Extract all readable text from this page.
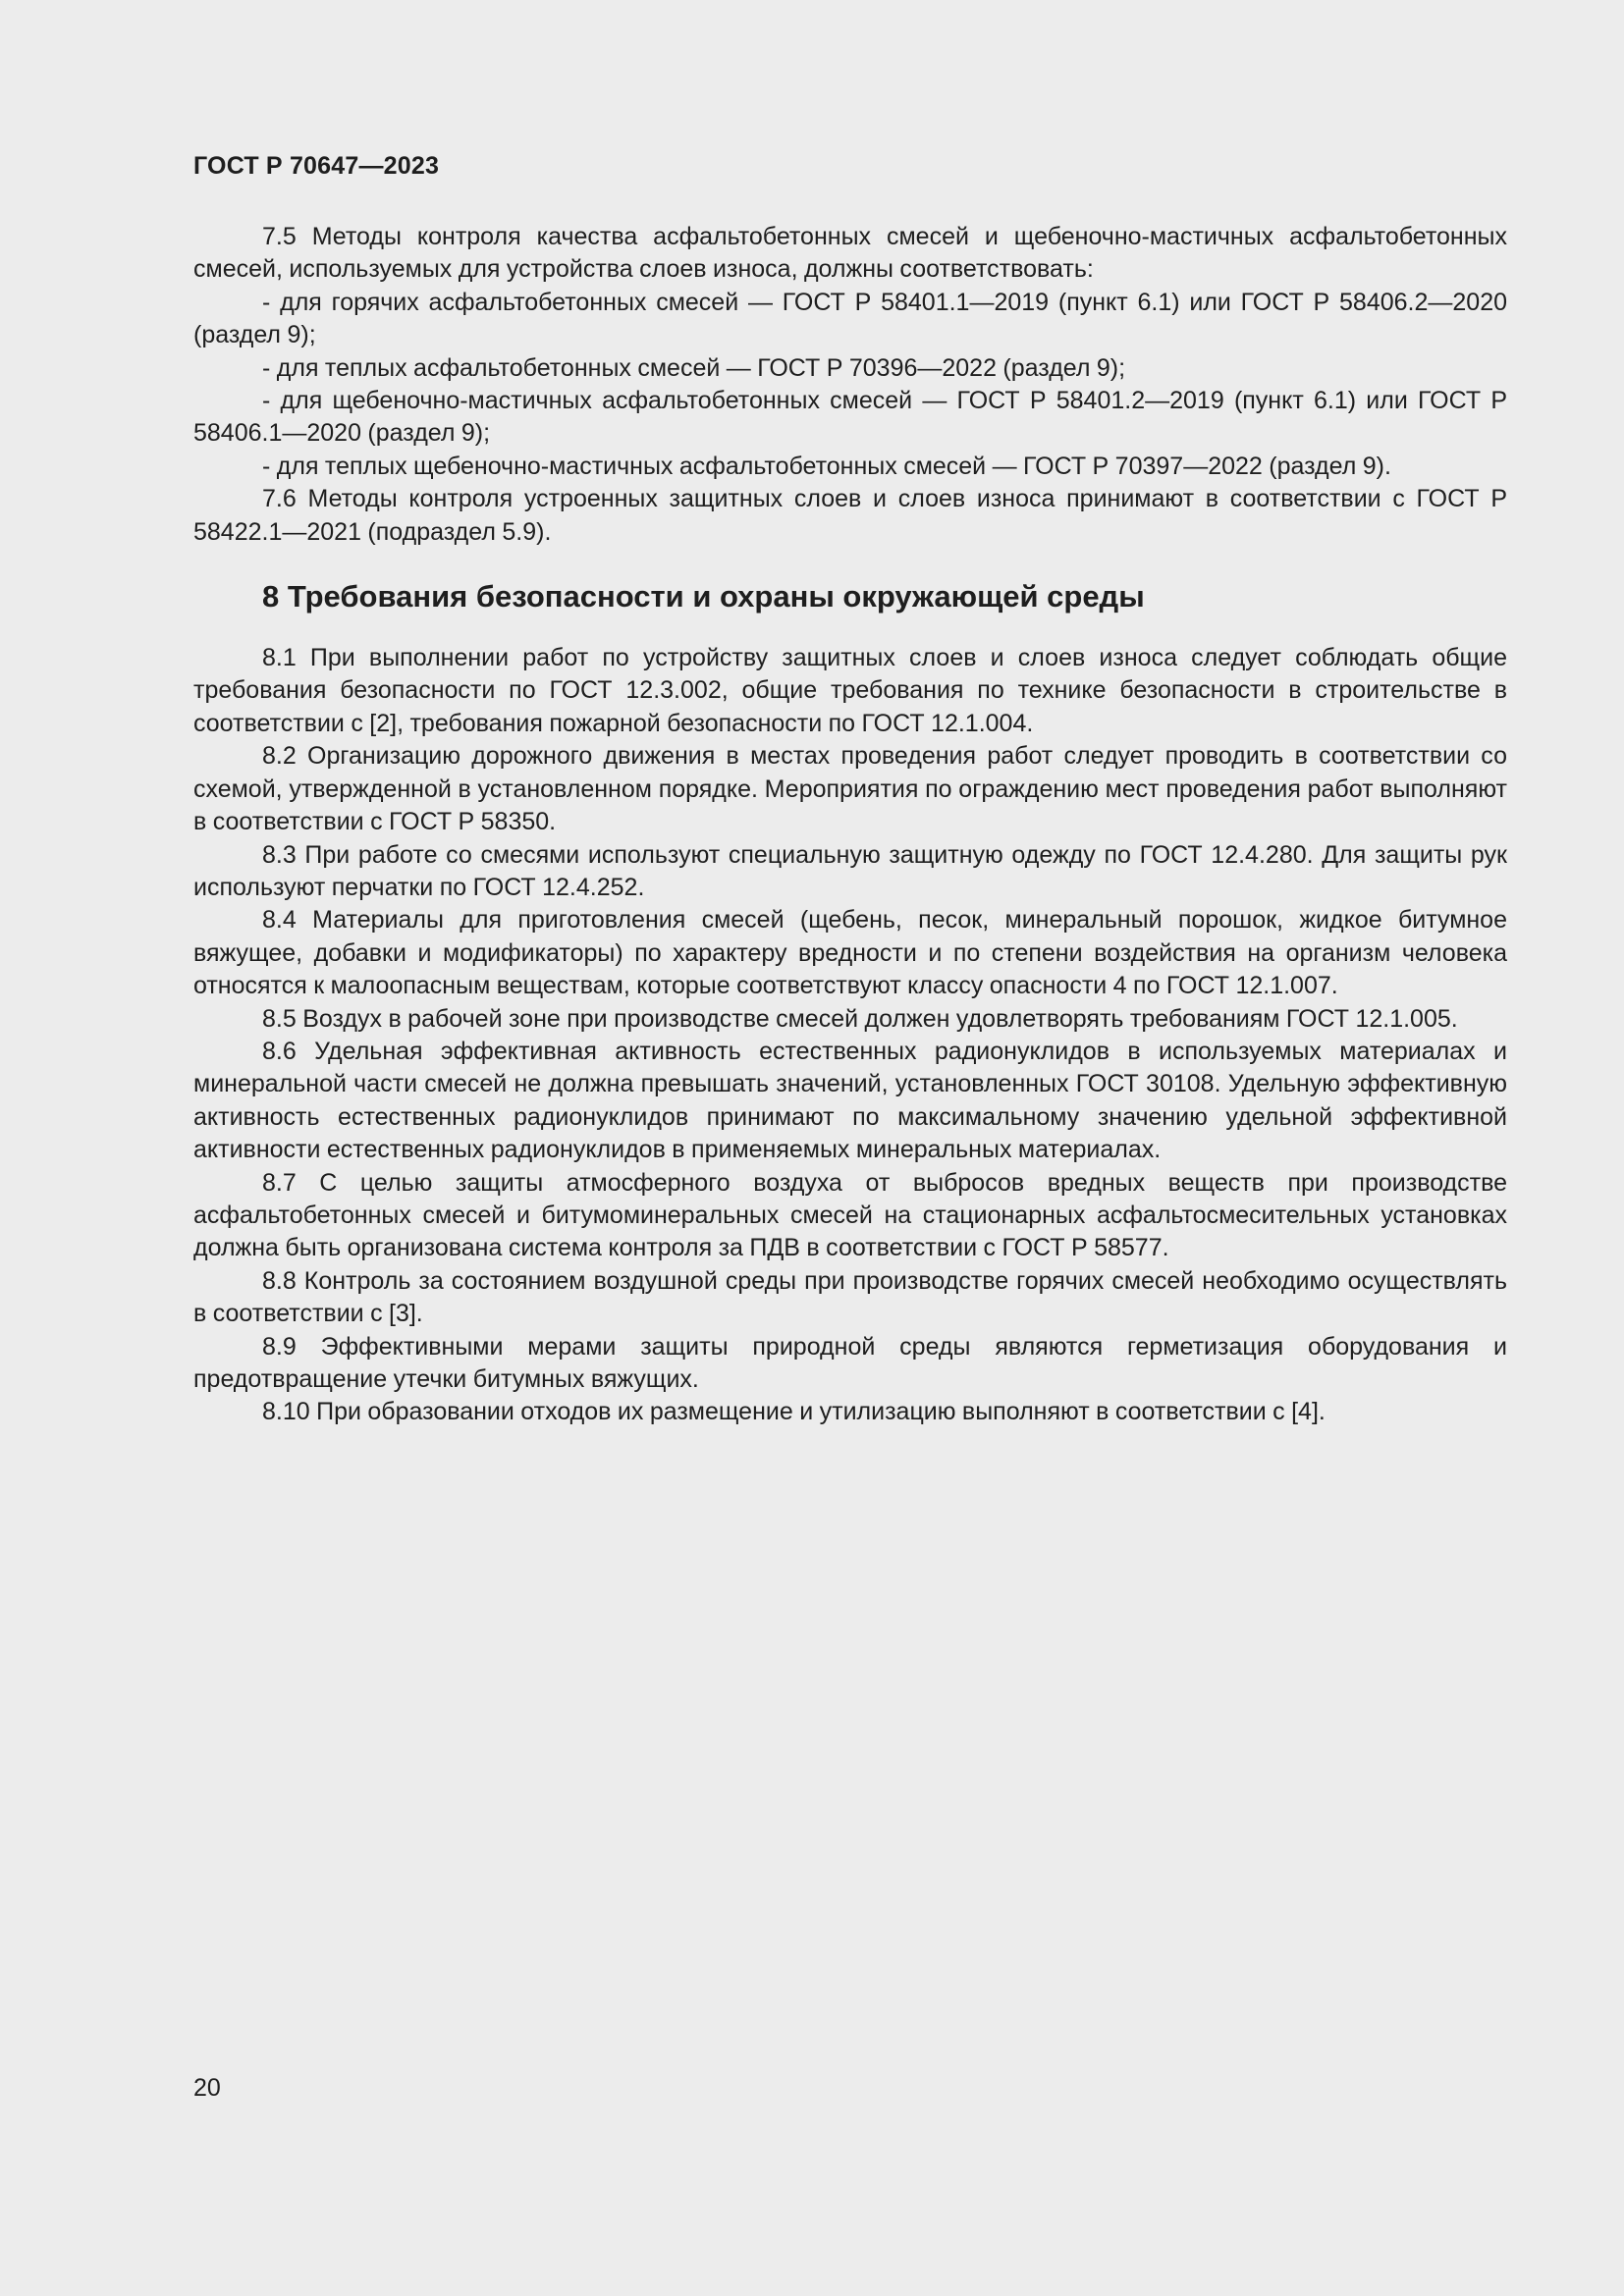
ГОСТ Р 70647—2023

7.5 Методы контроля качества асфальтобетонных смесей и щебеночно-мастичных асфальтобетонных смесей, используемых для устройства слоев износа, должны соответствовать:

- для горячих асфальтобетонных смесей — ГОСТ Р 58401.1—2019 (пункт 6.1) или ГОСТ Р 58406.2—2020 (раздел 9);

- для теплых асфальтобетонных смесей — ГОСТ Р 70396—2022 (раздел 9);

- для щебеночно-мастичных асфальтобетонных смесей — ГОСТ Р 58401.2—2019 (пункт 6.1) или ГОСТ Р 58406.1—2020 (раздел 9);

- для теплых щебеночно-мастичных асфальтобетонных смесей — ГОСТ Р 70397—2022 (раздел 9).

7.6 Методы контроля устроенных защитных слоев и слоев износа принимают в соответствии с ГОСТ Р 58422.1—2021 (подраздел 5.9).

8 Требования безопасности и охраны окружающей среды

8.1 При выполнении работ по устройству защитных слоев и слоев износа следует соблюдать общие требования безопасности по ГОСТ 12.3.002, общие требования по технике безопасности в строительстве в соответствии с [2], требования пожарной безопасности по ГОСТ 12.1.004.

8.2 Организацию дорожного движения в местах проведения работ следует проводить в соответствии со схемой, утвержденной в установленном порядке. Мероприятия по ограждению мест проведения работ выполняют в соответствии с ГОСТ Р 58350.

8.3 При работе со смесями используют специальную защитную одежду по ГОСТ 12.4.280. Для защиты рук используют перчатки по ГОСТ 12.4.252.

8.4 Материалы для приготовления смесей (щебень, песок, минеральный порошок, жидкое битумное вяжущее, добавки и модификаторы) по характеру вредности и по степени воздействия на организм человека относятся к малоопасным веществам, которые соответствуют классу опасности 4 по ГОСТ 12.1.007.

8.5 Воздух в рабочей зоне при производстве смесей должен удовлетворять требованиям ГОСТ 12.1.005.

8.6 Удельная эффективная активность естественных радионуклидов в используемых материалах и минеральной части смесей не должна превышать значений, установленных ГОСТ 30108. Удельную эффективную активность естественных радионуклидов принимают по максимальному значению удельной эффективной активности естественных радионуклидов в применяемых минеральных материалах.

8.7 С целью защиты атмосферного воздуха от выбросов вредных веществ при производстве асфальтобетонных смесей и битумоминеральных смесей на стационарных асфальтосмесительных установках должна быть организована система контроля за ПДВ в соответствии с ГОСТ Р 58577.

8.8 Контроль за состоянием воздушной среды при производстве горячих смесей необходимо осуществлять в соответствии с [3].

8.9 Эффективными мерами защиты природной среды являются герметизация оборудования и предотвращение утечки битумных вяжущих.

8.10 При образовании отходов их размещение и утилизацию выполняют в соответствии с [4].

20
